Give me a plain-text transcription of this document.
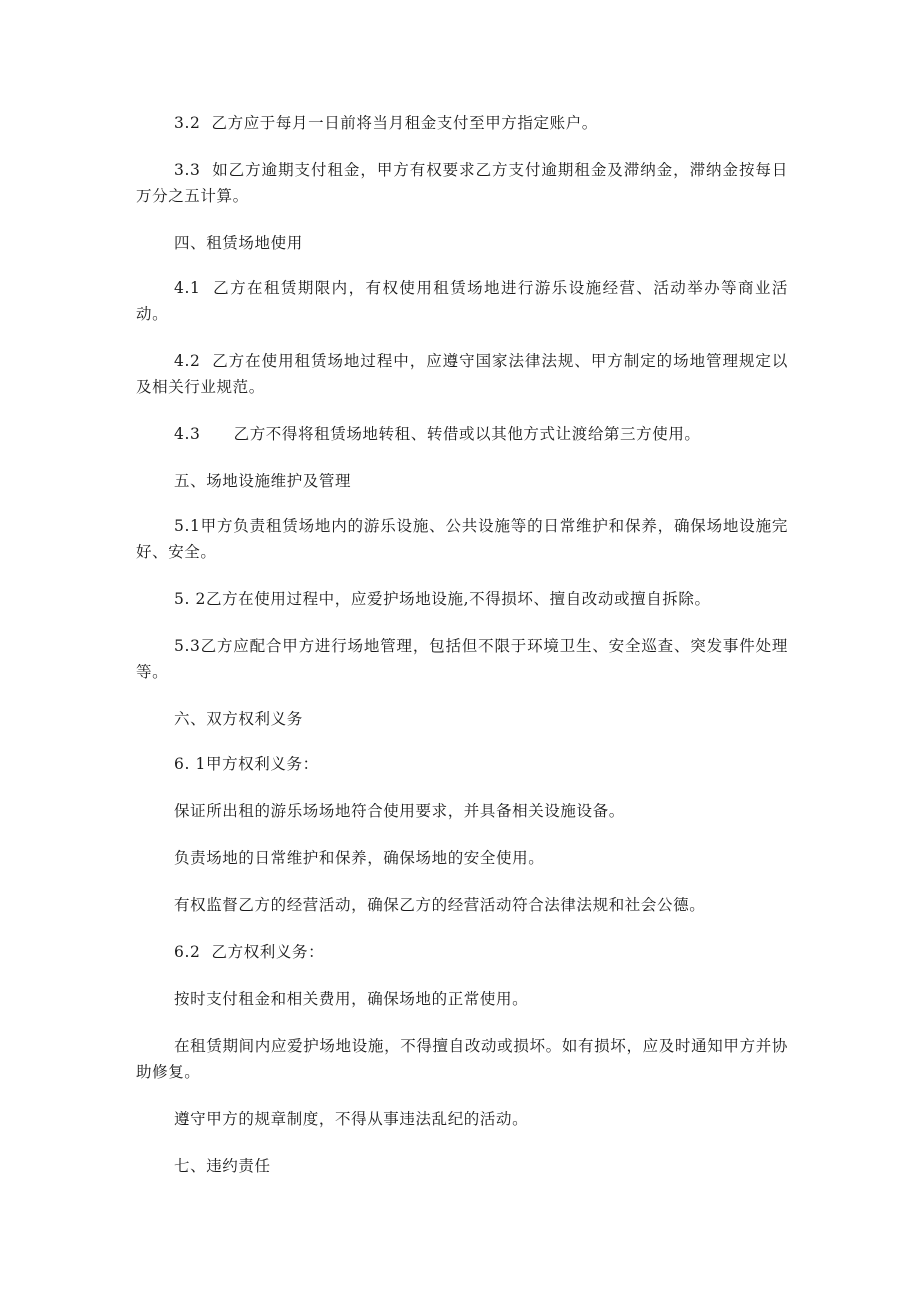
3.2  乙方应于每月一日前将当月租金支付至甲方指定账户。

3.3  如乙方逾期支付租金，甲方有权要求乙方支付逾期租金及滞纳金，滞纳金按每日万分之五计算。

四、租赁场地使用

4.1  乙方在租赁期限内，有权使用租赁场地进行游乐设施经营、活动举办等商业活动。

4.2  乙方在使用租赁场地过程中，应遵守国家法律法规、甲方制定的场地管理规定以及相关行业规范。

4.3      乙方不得将租赁场地转租、转借或以其他方式让渡给第三方使用。

五、场地设施维护及管理

5.1甲方负责租赁场地内的游乐设施、公共设施等的日常维护和保养，确保场地设施完好、安全。

5. 2乙方在使用过程中，应爱护场地设施,不得损坏、擅自改动或擅自拆除。

5.3乙方应配合甲方进行场地管理，包括但不限于环境卫生、安全巡查、突发事件处理等。

六、双方权利义务

6. 1甲方权利义务：

保证所出租的游乐场场地符合使用要求，并具备相关设施设备。

负责场地的日常维护和保养，确保场地的安全使用。

有权监督乙方的经营活动，确保乙方的经营活动符合法律法规和社会公德。

6.2  乙方权利义务：

按时支付租金和相关费用，确保场地的正常使用。

在租赁期间内应爱护场地设施，不得擅自改动或损坏。如有损坏，应及时通知甲方并协助修复。

遵守甲方的规章制度，不得从事违法乱纪的活动。

七、违约责任
